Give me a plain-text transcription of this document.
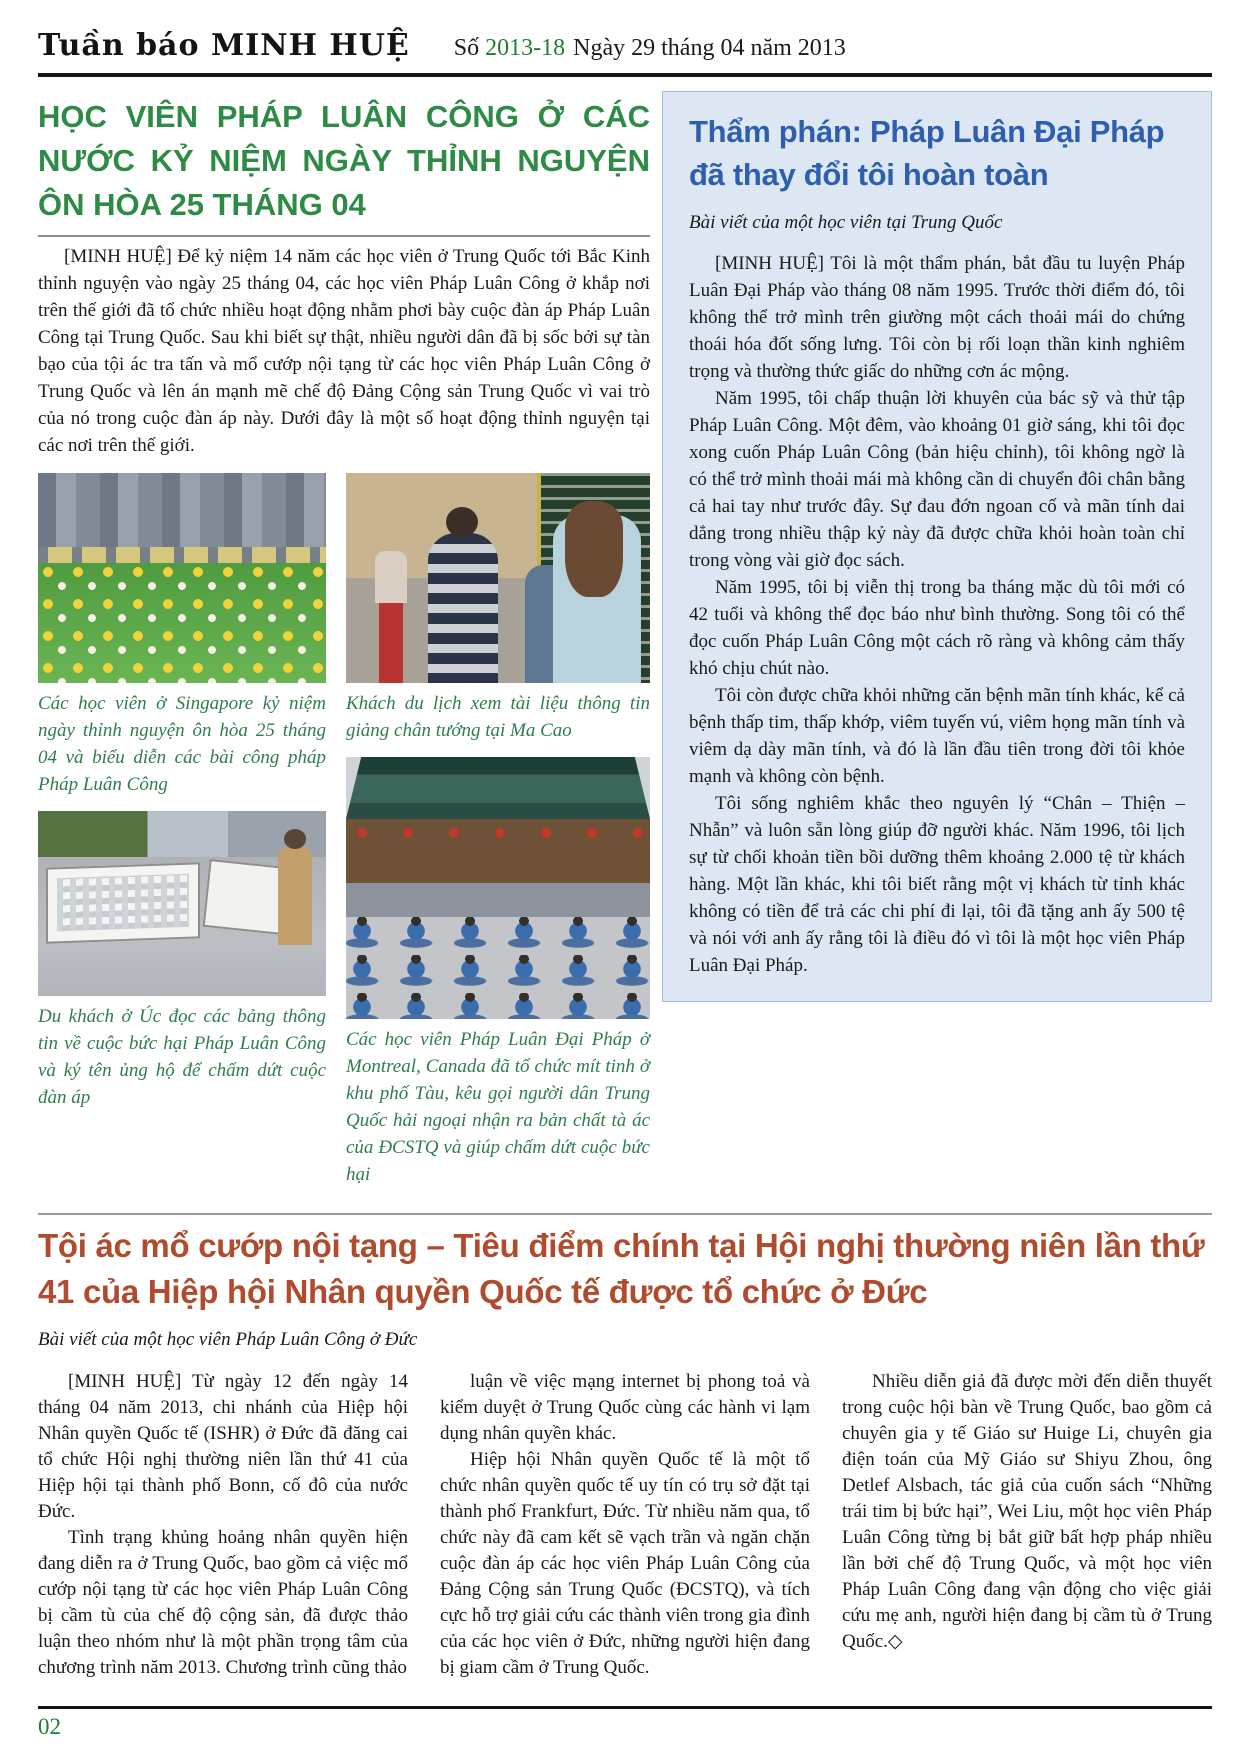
Tuần báo MINH HUỆ Số 2013-18 Ngày 29 tháng 04 năm 2013
HỌC VIÊN PHÁP LUÂN CÔNG Ở CÁC NƯỚC KỶ NIỆM NGÀY THỈNH NGUYỆN ÔN HÒA 25 THÁNG 04

[MINH HUỆ] Để kỷ niệm 14 năm các học viên ở Trung Quốc tới Bắc Kinh thỉnh nguyện vào ngày 25 tháng 04, các học viên Pháp Luân Công ở khắp nơi trên thế giới đã tổ chức nhiều hoạt động nhằm phơi bày cuộc đàn áp Pháp Luân Công tại Trung Quốc. Sau khi biết sự thật, nhiều người dân đã bị sốc bởi sự tàn bạo của tội ác tra tấn và mổ cướp nội tạng từ các học viên Pháp Luân Công ở Trung Quốc và lên án mạnh mẽ chế độ Đảng Cộng sản Trung Quốc vì vai trò của nó trong cuộc đàn áp này. Dưới đây là một số hoạt động thỉnh nguyện tại các nơi trên thế giới.

Các học viên ở Singapore kỷ niệm ngày thỉnh nguyện ôn hòa 25 tháng 04 và biểu diễn các bài công pháp Pháp Luân Công

Du khách ở Úc đọc các bảng thông tin về cuộc bức hại Pháp Luân Công và ký tên ủng hộ để chấm dứt cuộc đàn áp

Khách du lịch xem tài liệu thông tin giảng chân tướng tại Ma Cao

Các học viên Pháp Luân Đại Pháp ở Montreal, Canada đã tổ chức mít tinh ở khu phố Tàu, kêu gọi người dân Trung Quốc hải ngoại nhận ra bản chất tà ác của ĐCSTQ và giúp chấm dứt cuộc bức hại

Thẩm phán: Pháp Luân Đại Pháp đã thay đổi tôi hoàn toàn

Bài viết của một học viên tại Trung Quốc

[MINH HUỆ] Tôi là một thẩm phán, bắt đầu tu luyện Pháp Luân Đại Pháp vào tháng 08 năm 1995. Trước thời điểm đó, tôi không thể trở mình trên giường một cách thoải mái do chứng thoái hóa đốt sống lưng. Tôi còn bị rối loạn thần kinh nghiêm trọng và thường thức giấc do những cơn ác mộng.

Năm 1995, tôi chấp thuận lời khuyên của bác sỹ và thử tập Pháp Luân Công. Một đêm, vào khoảng 01 giờ sáng, khi tôi đọc xong cuốn Pháp Luân Công (bản hiệu chỉnh), tôi không ngờ là có thể trở mình thoải mái mà không cần di chuyển đôi chân bằng cả hai tay như trước đây. Sự đau đớn ngoan cố và mãn tính dai dẳng trong nhiều thập kỷ này đã được chữa khỏi hoàn toàn chỉ trong vòng vài giờ đọc sách.

Năm 1995, tôi bị viễn thị trong ba tháng mặc dù tôi mới có 42 tuổi và không thể đọc báo như bình thường. Song tôi có thể đọc cuốn Pháp Luân Công một cách rõ ràng và không cảm thấy khó chịu chút nào.

Tôi còn được chữa khỏi những căn bệnh mãn tính khác, kể cả bệnh thấp tim, thấp khớp, viêm tuyến vú, viêm họng mãn tính và viêm dạ dày mãn tính, và đó là lần đầu tiên trong đời tôi khỏe mạnh và không còn bệnh.

Tôi sống nghiêm khắc theo nguyên lý “Chân – Thiện – Nhẫn” và luôn sẵn lòng giúp đỡ người khác. Năm 1996, tôi lịch sự từ chối khoản tiền bồi dưỡng thêm khoảng 2.000 tệ từ khách hàng. Một lần khác, khi tôi biết rằng một vị khách từ tỉnh khác không có tiền để trả các chi phí đi lại, tôi đã tặng anh ấy 500 tệ và nói với anh ấy rằng tôi là điều đó vì tôi là một học viên Pháp Luân Đại Pháp.

Tội ác mổ cướp nội tạng – Tiêu điểm chính tại Hội nghị thường niên lần thứ 41 của Hiệp hội Nhân quyền Quốc tế được tổ chức ở Đức

Bài viết của một học viên Pháp Luân Công ở Đức

[MINH HUỆ] Từ ngày 12 đến ngày 14 tháng 04 năm 2013, chi nhánh của Hiệp hội Nhân quyền Quốc tế (ISHR) ở Đức đã đăng cai tổ chức Hội nghị thường niên lần thứ 41 của Hiệp hội tại thành phố Bonn, cố đô của nước Đức.

Tình trạng khủng hoảng nhân quyền hiện đang diễn ra ở Trung Quốc, bao gồm cả việc mổ cướp nội tạng từ các học viên Pháp Luân Công bị cầm tù của chế độ cộng sản, đã được thảo luận theo nhóm như là một phần trọng tâm của chương trình năm 2013. Chương trình cũng thảo

luận về việc mạng internet bị phong toả và kiểm duyệt ở Trung Quốc cùng các hành vi lạm dụng nhân quyền khác.

Hiệp hội Nhân quyền Quốc tế là một tổ chức nhân quyền quốc tế uy tín có trụ sở đặt tại thành phố Frankfurt, Đức. Từ nhiều năm qua, tổ chức này đã cam kết sẽ vạch trần và ngăn chặn cuộc đàn áp các học viên Pháp Luân Công của Đảng Cộng sản Trung Quốc (ĐCSTQ), và tích cực hỗ trợ giải cứu các thành viên trong gia đình của các học viên ở Đức, những người hiện đang bị giam cầm ở Trung Quốc.

Nhiều diễn giả đã được mời đến diễn thuyết trong cuộc hội bàn về Trung Quốc, bao gồm cả chuyên gia y tế Giáo sư Huige Li, chuyên gia điện toán của Mỹ Giáo sư Shiyu Zhou, ông Detlef Alsbach, tác giả của cuốn sách “Những trái tim bị bức hại”, Wei Liu, một học viên Pháp Luân Công từng bị bắt giữ bất hợp pháp nhiều lần bởi chế độ Trung Quốc, và một học viên Pháp Luân Công đang vận động cho việc giải cứu mẹ anh, người hiện đang bị cầm tù ở Trung Quốc.◇

02
